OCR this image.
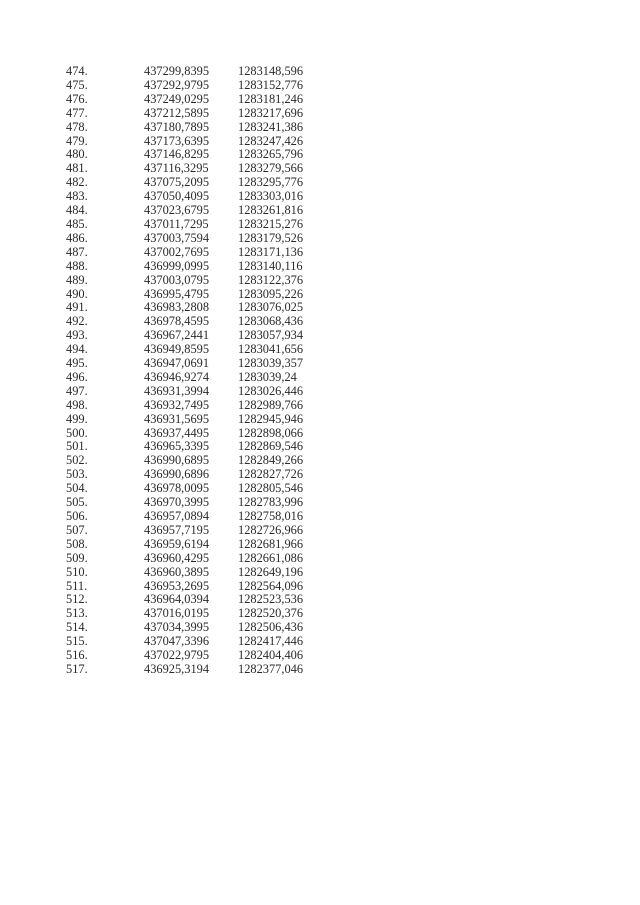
474.	437299,8395	1283148,596
475.	437292,9795	1283152,776
476.	437249,0295	1283181,246
477.	437212,5895	1283217,696
478.	437180,7895	1283241,386
479.	437173,6395	1283247,426
480.	437146,8295	1283265,796
481.	437116,3295	1283279,566
482.	437075,2095	1283295,776
483.	437050,4095	1283303,016
484.	437023,6795	1283261,816
485.	437011,7295	1283215,276
486.	437003,7594	1283179,526
487.	437002,7695	1283171,136
488.	436999,0995	1283140,116
489.	437003,0795	1283122,376
490.	436995,4795	1283095,226
491.	436983,2808	1283076,025
492.	436978,4595	1283068,436
493.	436967,2441	1283057,934
494.	436949,8595	1283041,656
495.	436947,0691	1283039,357
496.	436946,9274	1283039,24
497.	436931,3994	1283026,446
498.	436932,7495	1282989,766
499.	436931,5695	1282945,946
500.	436937,4495	1282898,066
501.	436965,3395	1282869,546
502.	436990,6895	1282849,266
503.	436990,6896	1282827,726
504.	436978,0095	1282805,546
505.	436970,3995	1282783,996
506.	436957,0894	1282758,016
507.	436957,7195	1282726,966
508.	436959,6194	1282681,966
509.	436960,4295	1282661,086
510.	436960,3895	1282649,196
511.	436953,2695	1282564,096
512.	436964,0394	1282523,536
513.	437016,0195	1282520,376
514.	437034,3995	1282506,436
515.	437047,3396	1282417,446
516.	437022,9795	1282404,406
517.	436925,3194	1282377,046
